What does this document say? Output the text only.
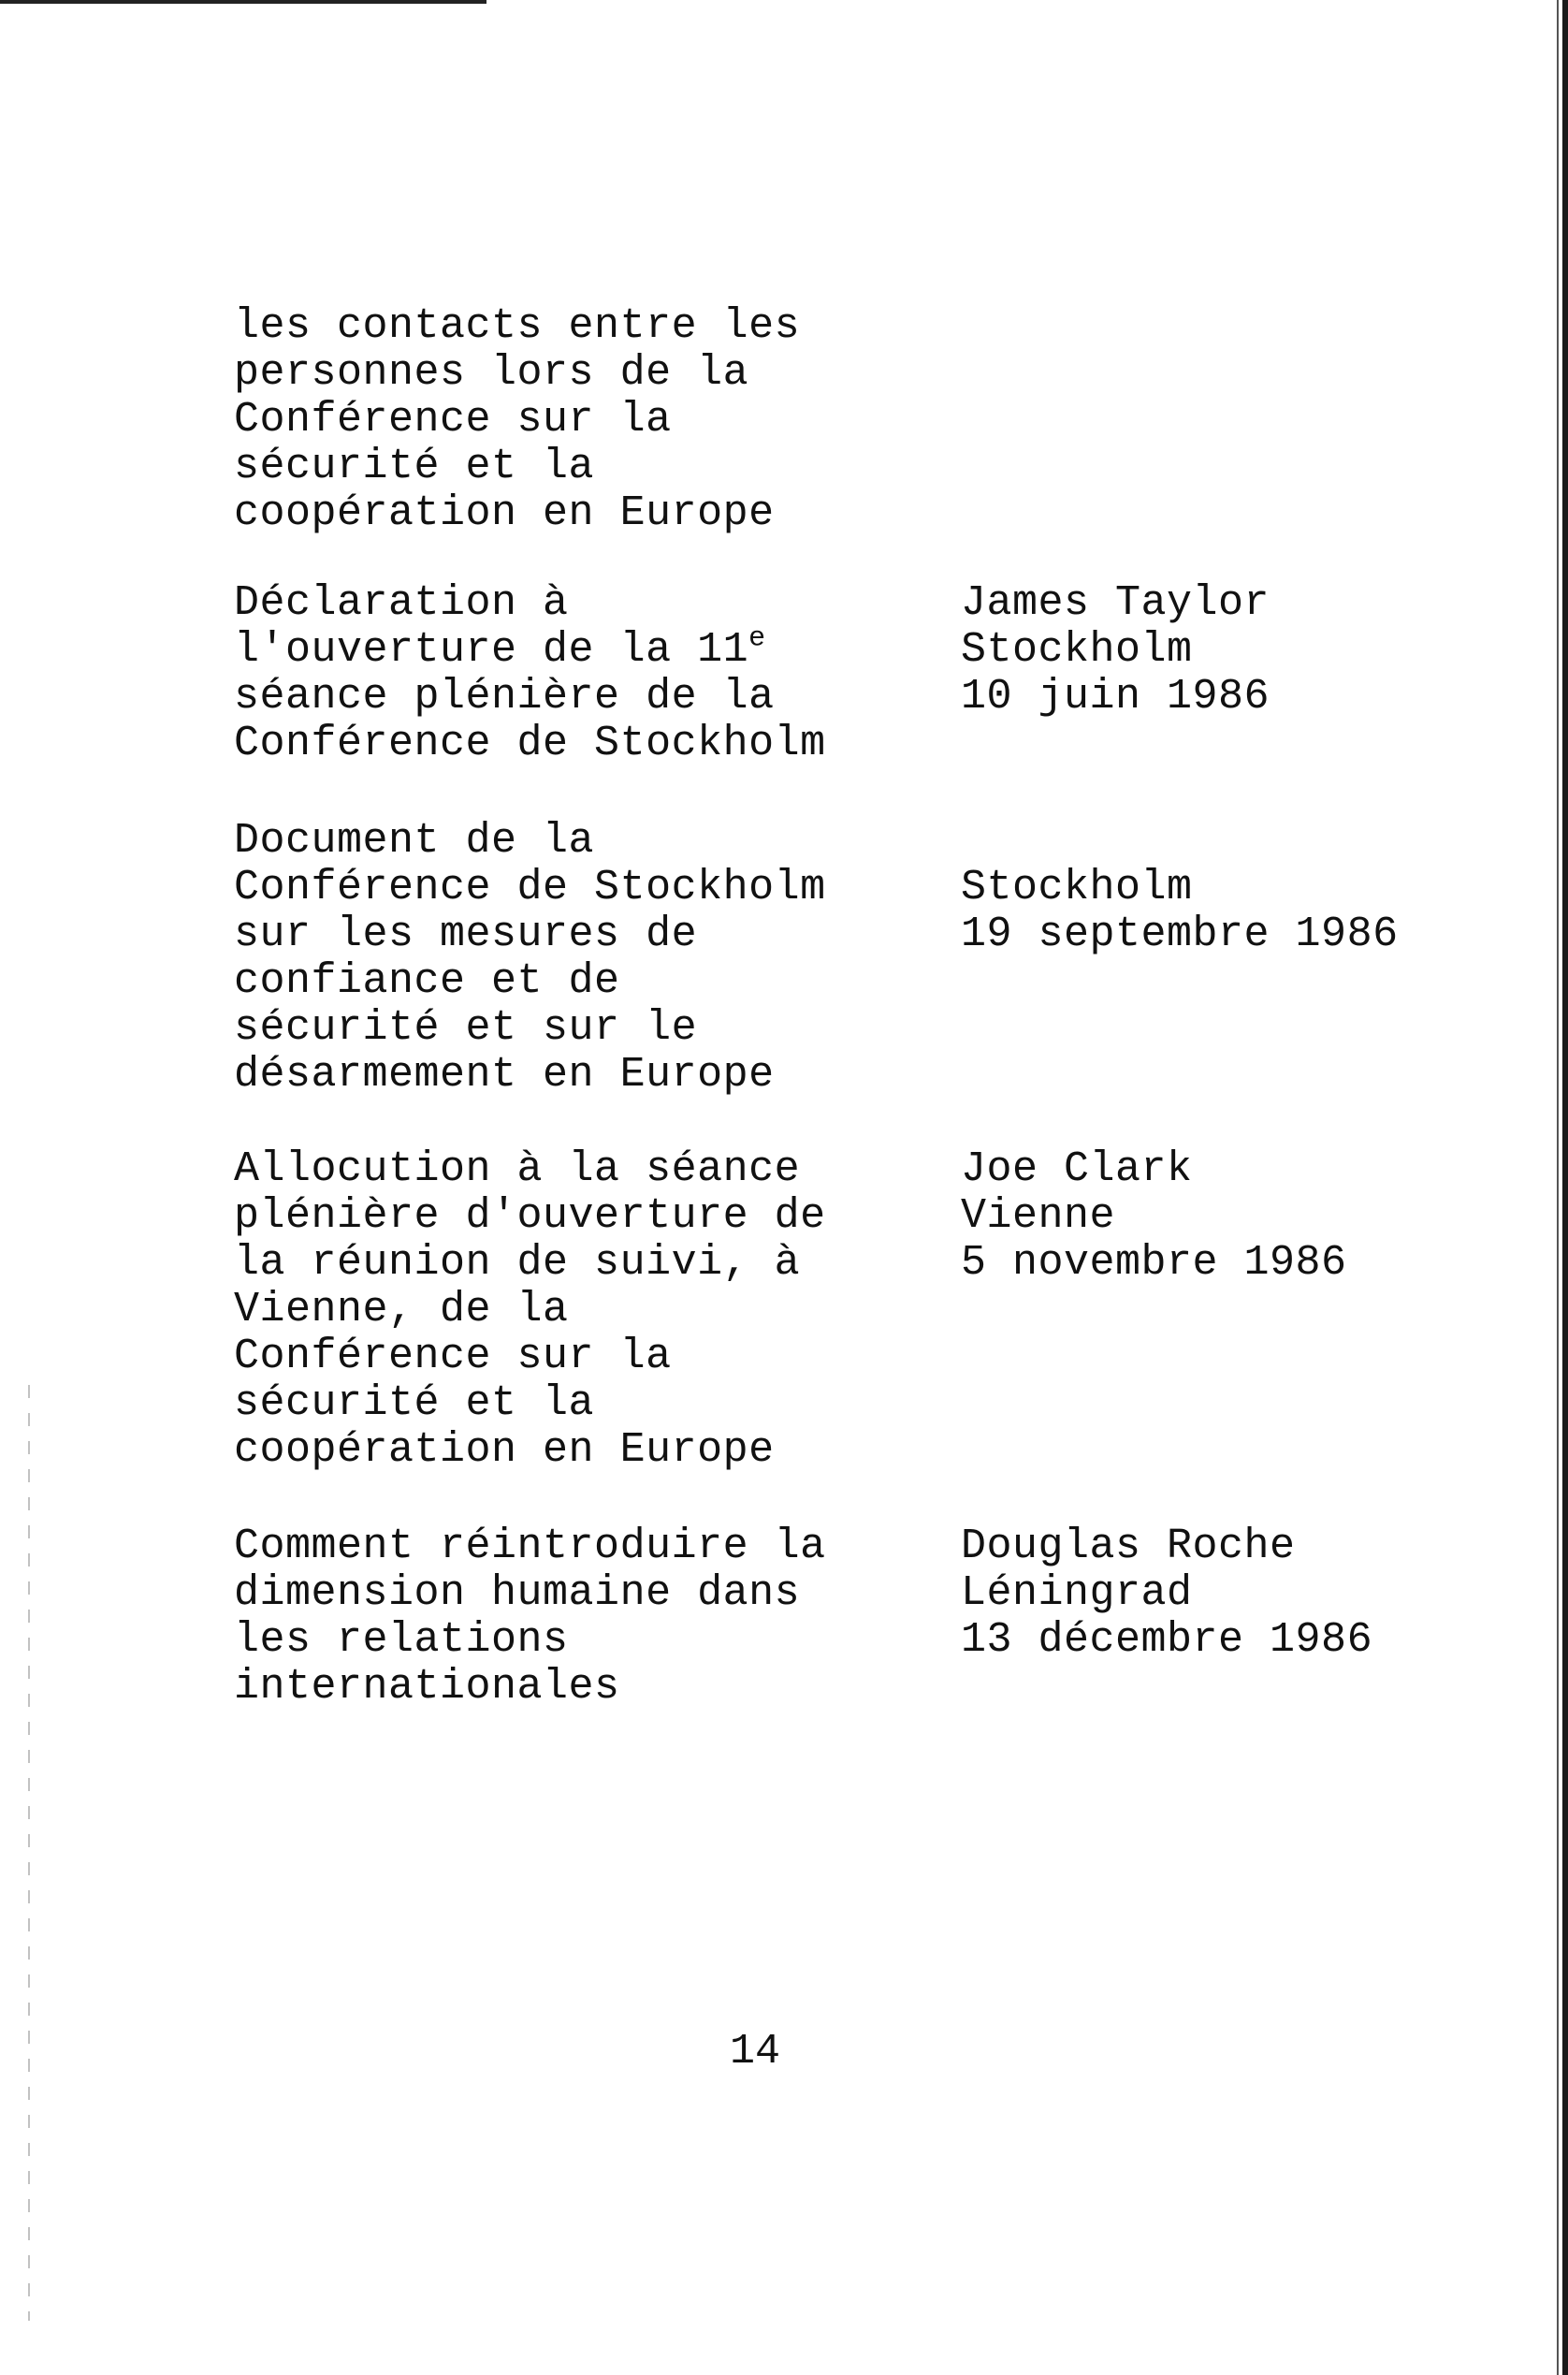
les contacts entre les
personnes lors de la
Conférence sur la
sécurité et la
coopération en Europe
Déclaration à
l'ouverture de la 11e
séance plénière de la
Conférence de Stockholm
James Taylor
Stockholm
10 juin 1986
Document de la
Conférence de Stockholm
sur les mesures de
confiance et de
sécurité et sur le
désarmement en Europe
Stockholm
19 septembre 1986
Allocution à la séance
plénière d'ouverture de
la réunion de suivi, à
Vienne, de la
Conférence sur la
sécurité et la
coopération en Europe
Joe Clark
Vienne
5 novembre 1986
Comment réintroduire la
dimension humaine dans
les relations
internationales
Douglas Roche
Léningrad
13 décembre 1986
14
